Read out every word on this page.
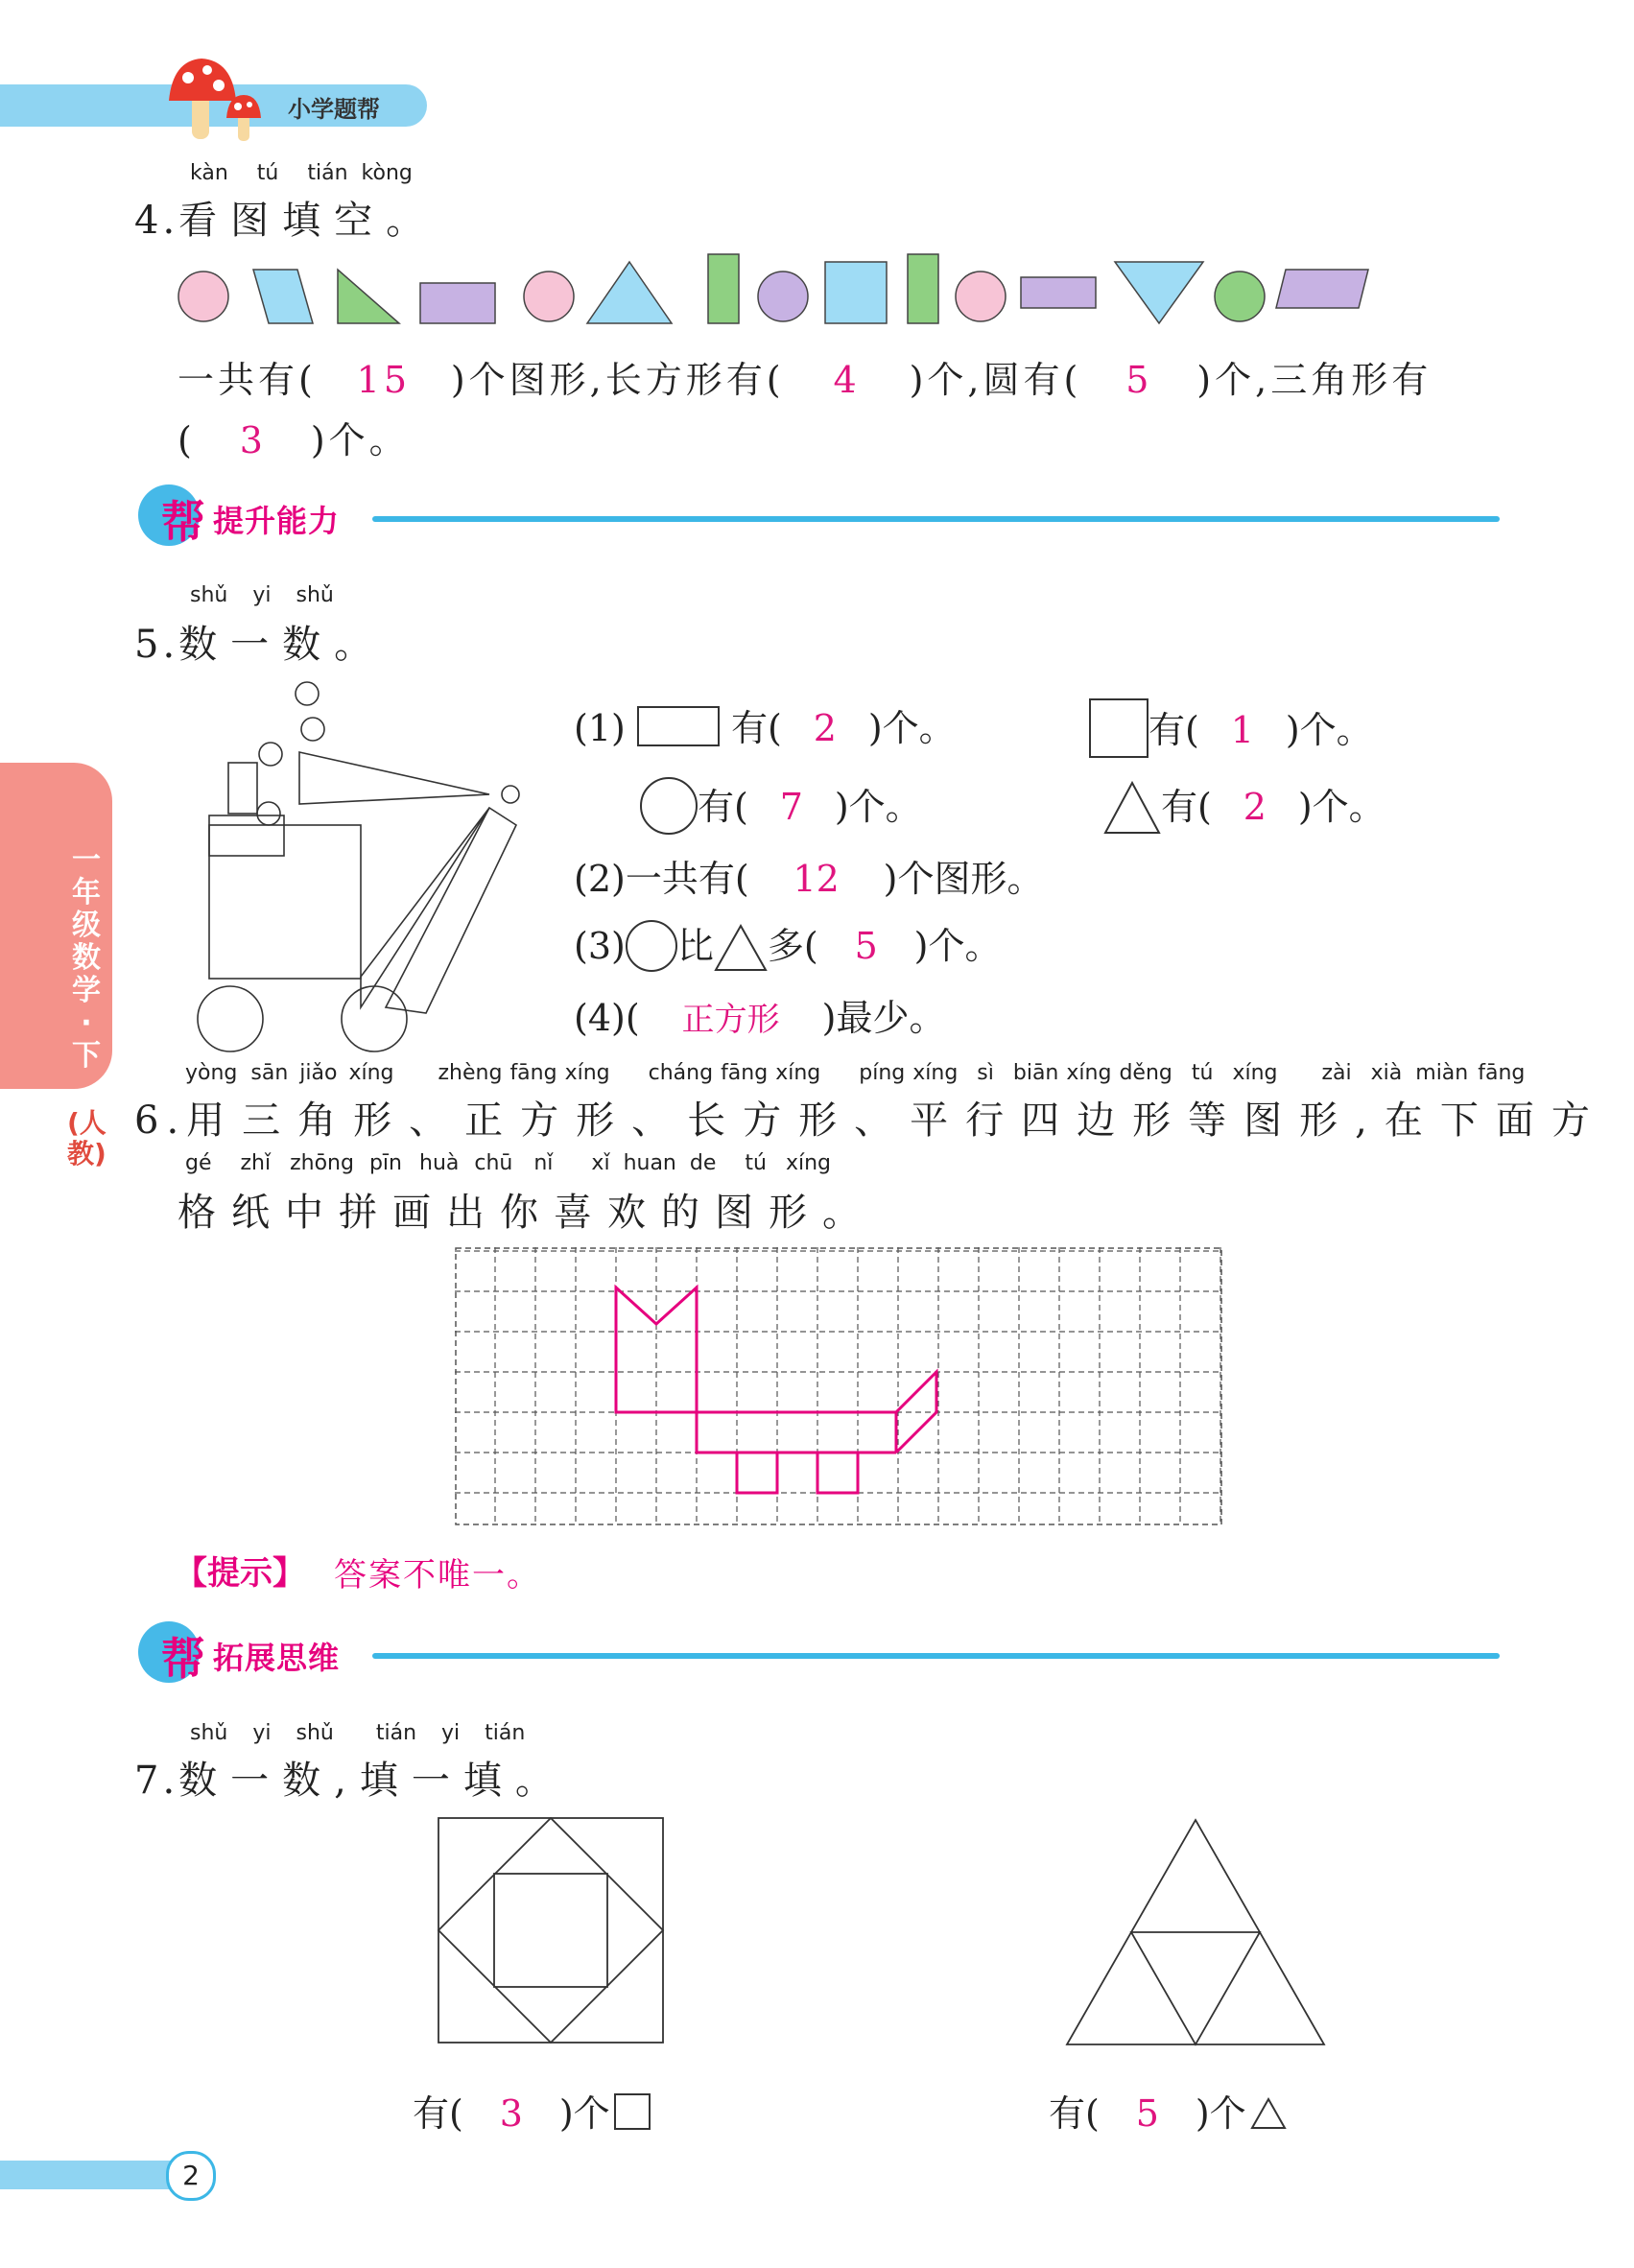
小学题帮
一年级数学·下
(人教)
kàn tú tián kòng
4.看图填空。
一共有( 15 )个图形,长方形有( 4 )个,圆有( 5 )个,三角形有
( 3 )个。
帮 提升能力
shǔ yi shǔ
5.数一数。
(1)	有( 2 )个。	有( 1 )个。
有( 7 )个。	有( 2 )个。
(2)一共有( 12 )个图形。
(3) 比 多( 5 )个。
(4)( 正方形 )最少。
yòng sān jiǎo xíng zhèng fāng xíng cháng fāng xíng píng xíng sì biān xíng děng tú xíng zài xià miàn fāng
6.用三角形、正方形、长方形、平行四边形等图形,在下面方
gé zhǐ zhōng pīn huà chū nǐ xǐ huan de tú xíng
格纸中拼画出你喜欢的图形。
【提示】 答案不唯一。
帮 拓展思维
shǔ yi shǔ tián yi tián
7.数一数,填一填。
有( 3 )个	有( 5 )个
2
